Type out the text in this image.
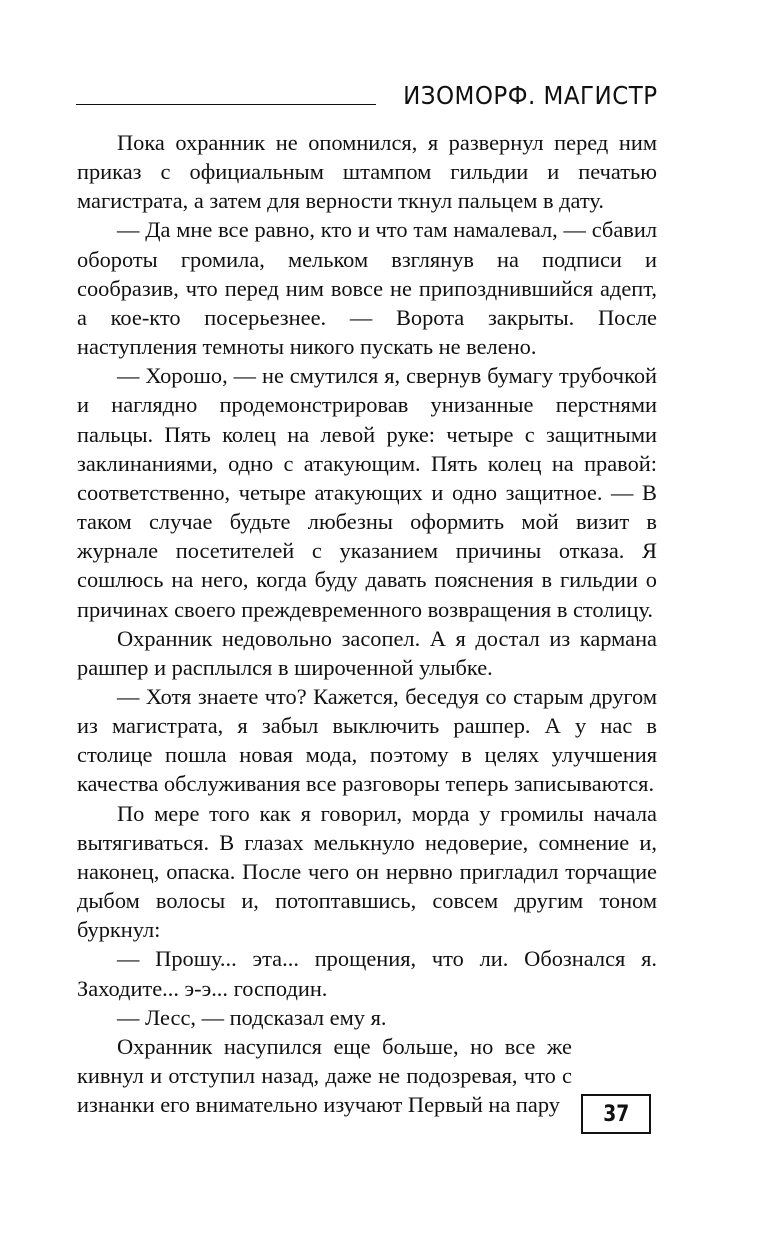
ИЗОМОРФ. МАГИСТР

Пока охранник не опомнился, я развернул перед ним приказ с официальным штампом гильдии и печатью магистрата, а затем для верности ткнул пальцем в дату.

— Да мне все равно, кто и что там намалевал, — сбавил обороты громила, мельком взглянув на подписи и сообразив, что перед ним вовсе не припозднившийся адепт, а кое-кто посерьезнее. — Ворота закрыты. После наступления темноты никого пускать не велено.

— Хорошо, — не смутился я, свернув бумагу трубочкой и наглядно продемонстрировав унизанные перстнями пальцы. Пять колец на левой руке: четыре с защитными заклинаниями, одно с атакующим. Пять колец на правой: соответственно, четыре атакующих и одно защитное. — В таком случае будьте любезны оформить мой визит в журнале посетителей с указанием причины отказа. Я сошлюсь на него, когда буду давать пояснения в гильдии о причинах своего преждевременного возвращения в столицу.

Охранник недовольно засопел. А я достал из кармана рашпер и расплылся в широченной улыбке.

— Хотя знаете что? Кажется, беседуя со старым другом из магистрата, я забыл выключить рашпер. А у нас в столице пошла новая мода, поэтому в целях улучшения качества обслуживания все разговоры теперь записываются.

По мере того как я говорил, морда у громилы начала вытягиваться. В глазах мелькнуло недоверие, сомнение и, наконец, опаска. После чего он нервно пригладил торчащие дыбом волосы и, потоптавшись, совсем другим тоном буркнул:

— Прошу... эта... прощения, что ли. Обознался я. Заходите... э-э... господин.

— Лесс, — подсказал ему я.

Охранник насупился еще больше, но все же кивнул и отступил назад, даже не подозревая, что с изнанки его внимательно изучают Первый на пару	37
